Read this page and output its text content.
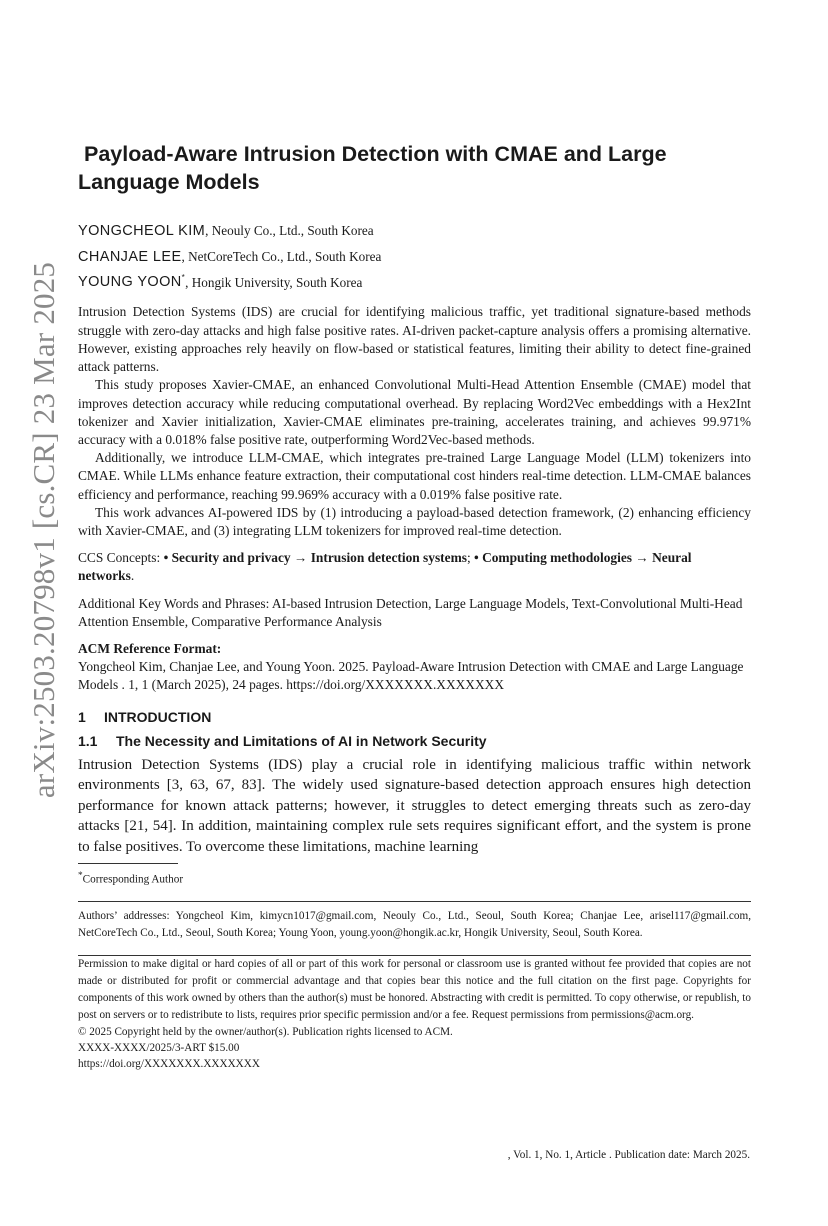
arXiv:2503.20798v1 [cs.CR] 23 Mar 2025
Payload-Aware Intrusion Detection with CMAE and Large
Language Models
YONGCHEOL KIM, Neouly Co., Ltd., South Korea
CHANJAE LEE, NetCoreTech Co., Ltd., South Korea
YOUNG YOON*, Hongik University, South Korea

Intrusion Detection Systems (IDS) are crucial for identifying malicious traffic, yet traditional signature-based methods struggle with zero-day attacks and high false positive rates. AI-driven packet-capture analysis offers a promising alternative. However, existing approaches rely heavily on flow-based or statistical features, limiting their ability to detect fine-grained attack patterns.

This study proposes Xavier-CMAE, an enhanced Convolutional Multi-Head Attention Ensemble (CMAE) model that improves detection accuracy while reducing computational overhead. By replacing Word2Vec embeddings with a Hex2Int tokenizer and Xavier initialization, Xavier-CMAE eliminates pre-training, accelerates training, and achieves 99.971% accuracy with a 0.018% false positive rate, outperforming Word2Vec-based methods.

Additionally, we introduce LLM-CMAE, which integrates pre-trained Large Language Model (LLM) tokenizers into CMAE. While LLMs enhance feature extraction, their computational cost hinders real-time detection. LLM-CMAE balances efficiency and performance, reaching 99.969% accuracy with a 0.019% false positive rate.

This work advances AI-powered IDS by (1) introducing a payload-based detection framework, (2) enhancing efficiency with Xavier-CMAE, and (3) integrating LLM tokenizers for improved real-time detection.

CCS Concepts: • Security and privacy → Intrusion detection systems; • Computing methodologies → Neural networks.
Additional Key Words and Phrases: AI-based Intrusion Detection, Large Language Models, Text-Convolutional Multi-Head Attention Ensemble, Comparative Performance Analysis
ACM Reference Format:
Yongcheol Kim, Chanjae Lee, and Young Yoon. 2025. Payload-Aware Intrusion Detection with CMAE and Large Language Models . 1, 1 (March 2025), 24 pages. https://doi.org/XXXXXXX.XXXXXXX
1 INTRODUCTION
1.1 The Necessity and Limitations of AI in Network Security

Intrusion Detection Systems (IDS) play a crucial role in identifying malicious traffic within network environments [3, 63, 67, 83]. The widely used signature-based detection approach ensures high detection performance for known attack patterns; however, it struggles to detect emerging threats such as zero-day attacks [21, 54]. In addition, maintaining complex rule sets requires significant effort, and the system is prone to false positives. To overcome these limitations, machine learning

*Corresponding Author

Authors’ addresses: Yongcheol Kim, kimycn1017@gmail.com, Neouly Co., Ltd., Seoul, South Korea; Chanjae Lee, arisel117@gmail.com, NetCoreTech Co., Ltd., Seoul, South Korea; Young Yoon, young.yoon@hongik.ac.kr, Hongik University, Seoul, South Korea.

Permission to make digital or hard copies of all or part of this work for personal or classroom use is granted without fee provided that copies are not made or distributed for profit or commercial advantage and that copies bear this notice and the full citation on the first page. Copyrights for components of this work owned by others than the author(s) must be honored. Abstracting with credit is permitted. To copy otherwise, or republish, to post on servers or to redistribute to lists, requires prior specific permission and/or a fee. Request permissions from permissions@acm.org.

© 2025 Copyright held by the owner/author(s). Publication rights licensed to ACM.
XXXX-XXXX/2025/3-ART $15.00
https://doi.org/XXXXXXX.XXXXXXX
, Vol. 1, No. 1, Article . Publication date: March 2025.
